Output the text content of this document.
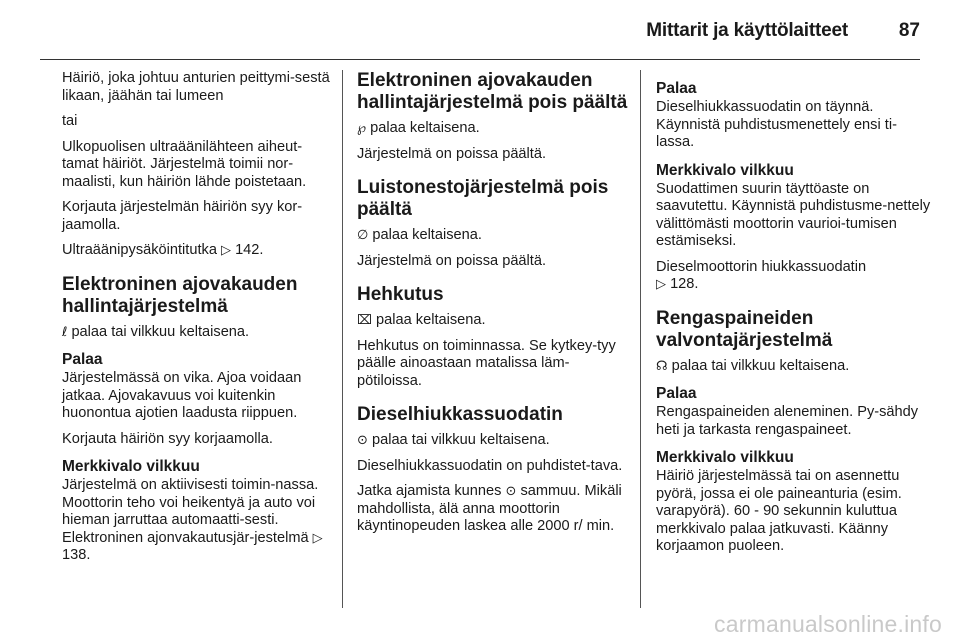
Mittarit ja käyttölaitteet	87

Häiriö, joka johtuu anturien peittymi-sestä likaan, jäähän tai lumeen

tai

Ulkopuolisen ultraäänilähteen aiheut-tamat häiriöt. Järjestelmä toimii nor-maalisti, kun häiriön lähde poistetaan.

Korjauta järjestelmän häiriön syy kor-jaamolla.

Ultraäänipysäköintitutka ▷ 142.

Elektroninen ajovakauden hallintajärjestelmä

ℓ palaa tai vilkkuu keltaisena.

Palaa

Järjestelmässä on vika. Ajoa voidaan jatkaa. Ajovakavuus voi kuitenkin huonontua ajotien laadusta riippuen.

Korjauta häiriön syy korjaamolla.

Merkkivalo vilkkuu

Järjestelmä on aktiivisesti toimin-nassa. Moottorin teho voi heikentyä ja auto voi hieman jarruttaa automaatti-sesti. Elektroninen ajonvakautusjär-jestelmä ▷ 138.

Elektroninen ajovakauden hallintajärjestelmä pois päältä

℘ palaa keltaisena.

Järjestelmä on poissa päältä.

Luistonestojärjestelmä pois päältä

∅ palaa keltaisena.

Järjestelmä on poissa päältä.

Hehkutus

⌧ palaa keltaisena.

Hehkutus on toiminnassa. Se kytkey-tyy päälle ainoastaan matalissa läm-pötiloissa.

Dieselhiukkassuodatin

⊙ palaa tai vilkkuu keltaisena.

Dieselhiukkassuodatin on puhdistet-tava.

Jatka ajamista kunnes ⊙ sammuu. Mikäli mahdollista, älä anna moottorin käyntinopeuden laskea alle 2000 r/ min.

Palaa

Dieselhiukkassuodatin on täynnä. Käynnistä puhdistusmenettely ensi ti-lassa.

Merkkivalo vilkkuu

Suodattimen suurin täyttöaste on saavutettu. Käynnistä puhdistusme-nettely välittömästi moottorin vaurioi-tumisen estämiseksi.

Dieselmoottorin hiukkassuodatin
▷ 128.

Rengaspaineiden valvontajärjestelmä

☊ palaa tai vilkkuu keltaisena.

Palaa

Rengaspaineiden aleneminen. Py-sähdy heti ja tarkasta rengaspaineet.

Merkkivalo vilkkuu

Häiriö järjestelmässä tai on asennettu pyörä, jossa ei ole paineanturia (esim. varapyörä). 60 - 90 sekunnin kuluttua merkkivalo palaa jatkuvasti. Käänny korjaamon puoleen.

carmanualsonline.info
